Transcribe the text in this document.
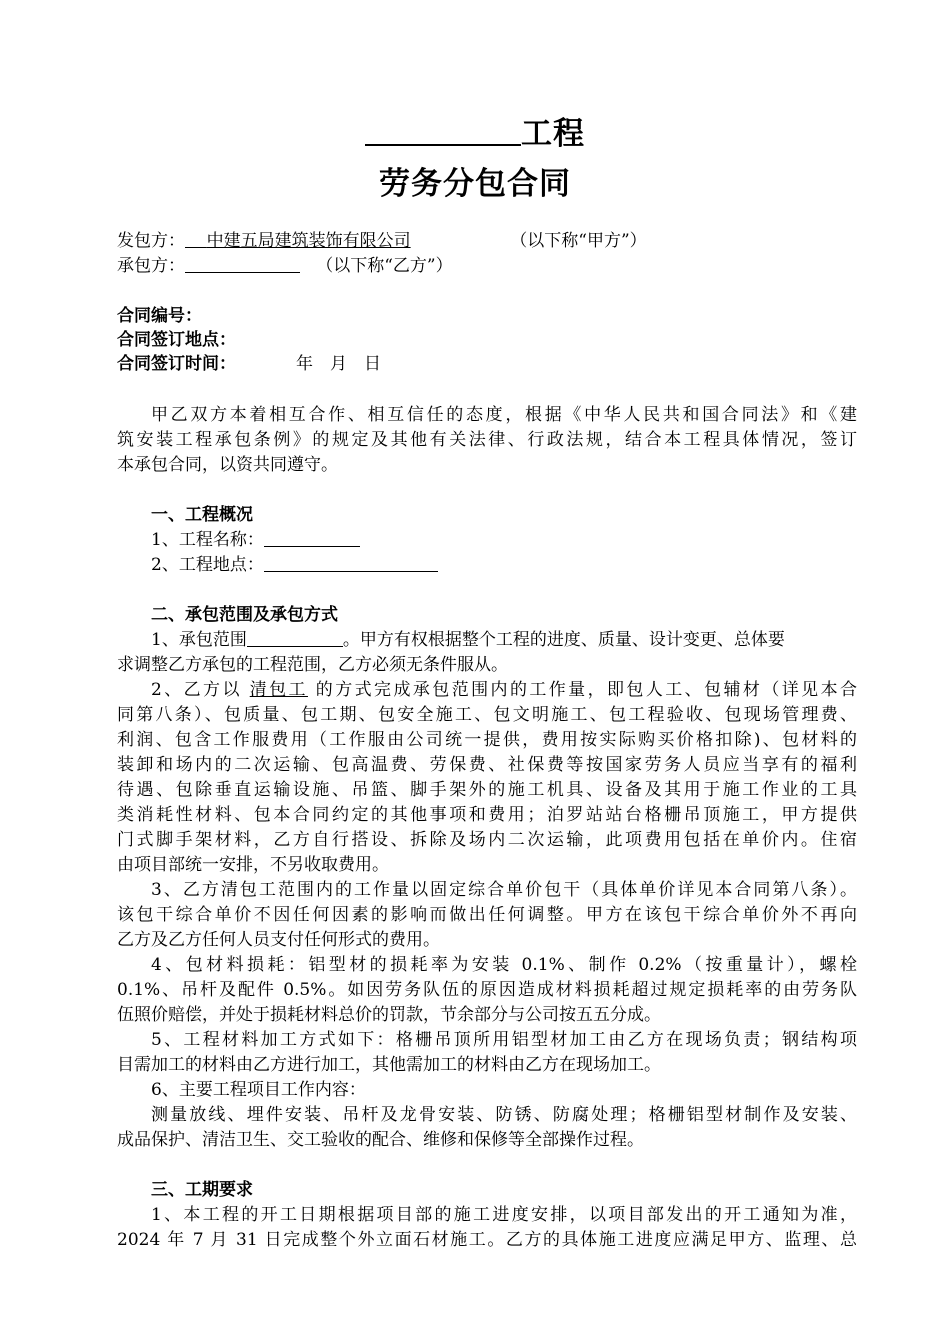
工程
劳务分包合同
发包方： 中建五局建筑装饰有限公司	（以下称“甲方”）
承包方：	（以下称“乙方”）
合同编号：
合同签订地点：
合同签订时间：	年　月　日
甲乙双方本着相互合作、相互信任的态度，根据《中华人民共和国合同法》和《建
筑安装工程承包条例》的规定及其他有关法律、行政法规，结合本工程具体情况，签订
本承包合同，以资共同遵守。
一、工程概况
1、工程名称：
2、工程地点：
二、承包范围及承包方式
1、承包范围	。甲方有权根据整个工程的进度、质量、设计变更、总体要
求调整乙方承包的工程范围，乙方必须无条件服从。
2、乙方以 清包工 的方式完成承包范围内的工作量，即包人工、包辅材（详见本合
同第八条）、包质量、包工期、包安全施工、包文明施工、包工程验收、包现场管理费、
利润、包含工作服费用（工作服由公司统一提供，费用按实际购买价格扣除)、包材料的
装卸和场内的二次运输、包高温费、劳保费、社保费等按国家劳务人员应当享有的福利
待遇、包除垂直运输设施、吊篮、脚手架外的施工机具、设备及其用于施工作业的工具
类消耗性材料、包本合同约定的其他事项和费用；泊罗站站台格栅吊顶施工，甲方提供
门式脚手架材料，乙方自行搭设、拆除及场内二次运输，此项费用包括在单价内。住宿
由项目部统一安排，不另收取费用。
3、乙方清包工范围内的工作量以固定综合单价包干（具体单价详见本合同第八条）。
该包干综合单价不因任何因素的影响而做出任何调整。甲方在该包干综合单价外不再向
乙方及乙方任何人员支付任何形式的费用。
4、包材料损耗：铝型材的损耗率为安装 0.1%、制作 0.2%（按重量计），螺栓
0.1%、吊杆及配件 0.5%。如因劳务队伍的原因造成材料损耗超过规定损耗率的由劳务队
伍照价赔偿，并处于损耗材料总价的罚款，节余部分与公司按五五分成。
5、工程材料加工方式如下：格栅吊顶所用铝型材加工由乙方在现场负责；钢结构项
目需加工的材料由乙方进行加工，其他需加工的材料由乙方在现场加工。
6、主要工程项目工作内容：
测量放线、埋件安装、吊杆及龙骨安装、防锈、防腐处理；格栅铝型材制作及安装、
成品保护、清洁卫生、交工验收的配合、维修和保修等全部操作过程。
三、工期要求
1、本工程的开工日期根据项目部的施工进度安排，以项目部发出的开工通知为准，
2024 年 7 月 31 日完成整个外立面石材施工。乙方的具体施工进度应满足甲方、监理、总
